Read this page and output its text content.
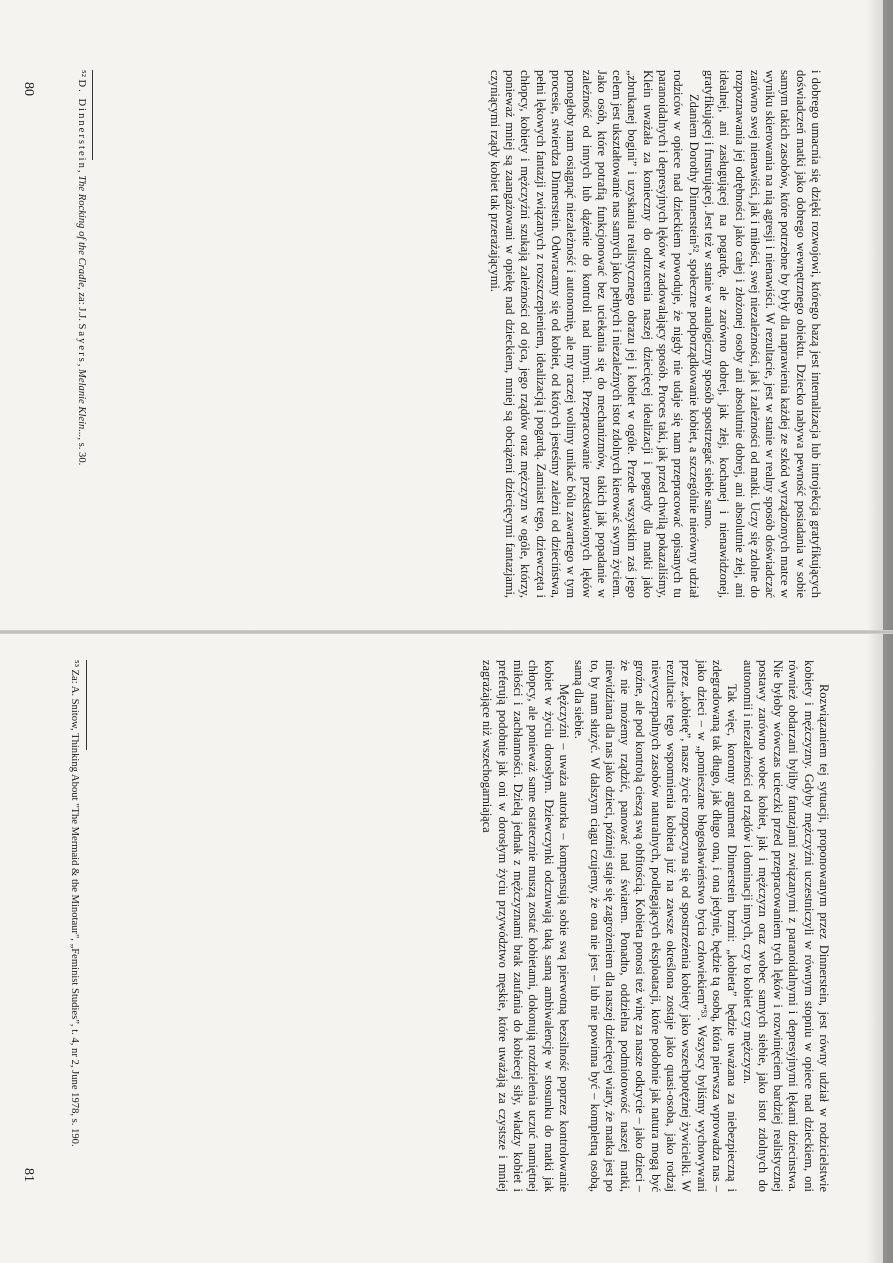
i dobrego umacnia się dzięki rozwojowi, którego bazą jest internalizacja lub introjekcja gratyfikujących doświadczeń matki jako dobrego wewnętrznego obiektu. Dziecko nabywa pewność posiadania w sobie samym takich zasobów, które potrzebne by były dla naprawienia każdej ze szkód wyrządzonych matce w wyniku skierowania na nią agresji i nienawiści. W rezultacie, jest w stanie w realny sposób doświadczać zarówno swej nienawiści, jak i miłości, swej niezależności, jak i zależności od matki. Uczy się zdolne do rozpoznawania jej odrębności jako całej i złożonej osoby ani absolutnie dobrej, ani absolutnie złej, ani idealnej, ani zasługującej na pogardę, ale zarówno dobrej, jak złej, kochanej i nienawidzonej, gratyfikującej i frustrującej. Jest też w stanie w analogiczny sposób spostrzegać siebie samo.

Zdaniem Dorothy Dinnerstein⁵², społeczne podporządkowanie kobiet, a szczególnie nierówny udział rodziców w opiece nad dzieckiem powoduje, że nigdy nie udaje się nam przepracować opisanych tu paranoidalnych i depresyjnych lęków w zadowalający sposób. Proces taki, jak przed chwilą pokazaliśmy, Klein uważała za konieczny do odrzucenia naszej dziecięcej idealizacji i pogardy dla matki jako „zbrukanej bogini” i uzyskania realistycznego obrazu jej i kobiet w ogóle. Przede wszystkim zaś jego celem jest ukształtowanie nas samych jako pełnych i niezależnych istot zdolnych kierować swym życiem. Jako osób, które potrafią funkcjonować bez uciekania się do mechanizmów, takich jak popadanie w zależność od innych lub dążenie do kontroli nad innymi. Przepracowanie przedstawionych lęków pomogłoby nam osiągnąć niezależność i autonomię, ale my raczej wolimy unikać bólu zawartego w tym procesie, stwierdza Dinnerstein. Odwracamy się od kobiet, od których jesteśmy zależni od dzieciństwa, pełni lękowych fantazji związanych z rozszczepieniem, idealizacją i pogardą. Zamiast tego, dziewczęta i chłopcy, kobiety i mężczyźni szukają zależności od ojca, jego rządów oraz mężczyzn w ogóle, którzy, ponieważ mniej są zaangażowani w opiekę nad dzieckiem, mniej są obciążeni dziecięcymi fantazjami, czyniącymi rządy kobiet tak przerażającymi.

⁵² D. Dinnerstein, The Rocking of the Cradle, za: J.J. Sayers, Melanie Klein..., s. 30.
80

Rozwiązaniem tej sytuacji, proponowanym przez Dinnerstein, jest równy udział w rodzicielstwie kobiety i mężczyzny. Gdyby mężczyźni uczestniczyli w równym stopniu w opiece nad dzieckiem, oni również obdarzani byliby fantazjami związanymi z paranoidalnymi i depresyjnymi lękami dziecinstwa. Nie byłoby wówczas ucieczki przed przepracowaniem tych lęków i rozwinięciem bardziej realistycznej postawy zarówno wobec kobiet, jak i mężczyzn oraz wobec samych siebie, jako istot zdolnych do autonomii i niezależności od rządów i dominacji innych, czy to kobiet czy mężczyzn.

Tak więc, koronny argument Dinnerstein brzmi: „kobieta” będzie uważana za niebezpieczną i zdegradowaną tak długo, jak długo ona, i ona jedynie, będzie tą osobą, która pierwsza wprowadza nas – jako dzieci – w „pomieszane błogosławieństwo bycia człowiekiem”⁵³. Wszyscy byliśmy wychowywani przez „kobietę”, nasze życie rozpoczyna się od spostrzeżenia kobiety jako wszechpotężnej żywicielki. W rezultacie tego wspomnienia kobieta już na zawsze określona zostaje jako quasi-osoba, jako rodzaj niewyczerpalnych zasobów naturalnych, podlegających eksploatacji, które podobnie jak natura mogą być groźne, ale pod kontrolą cieszą swą obfitością. Kobieta ponosi też winę za nasze odkrycie – jako dzieci – że nie możemy rządzić, panować nad światem. Ponadto, oddzielna podmiotowość naszej matki, niewidziana dla nas jako dzieci, później staje się zagrożeniem dla naszej dziecięcej wiary, że matka jest po to, by nam służyć. W dalszym ciągu czujemy, że ona nie jest – lub nie powinna być – kompletną osobą, samą dla siebie.

Mężczyźni – uważa autorka – kompensują sobie swą pierwotną bezsilność poprzez kontrolowanie kobiet w życiu dorosłym. Dziewczynki odczuwają taką samą ambiwalencję w stosunku do matki jak chłopcy, ale ponieważ same ostatecznie muszą zostać kobietami, dokonują rozdzielenia uczuć namiętnej miłości i zachłanności. Dzielą jednak z mężczyznami brak zaufania do kobiecej siły, władzy kobiet i preferują podobnie jak oni w dorosłym życiu przywództwo męskie, które uważają za czystsze i mniej zagrażające niż wszechogarniająca

⁵³ Za: A. Snitow, Thinking About "The Mermaid & the Minotaur", „Feminist Studies”, t. 4, nr 2, June 1978, s. 190.
81
